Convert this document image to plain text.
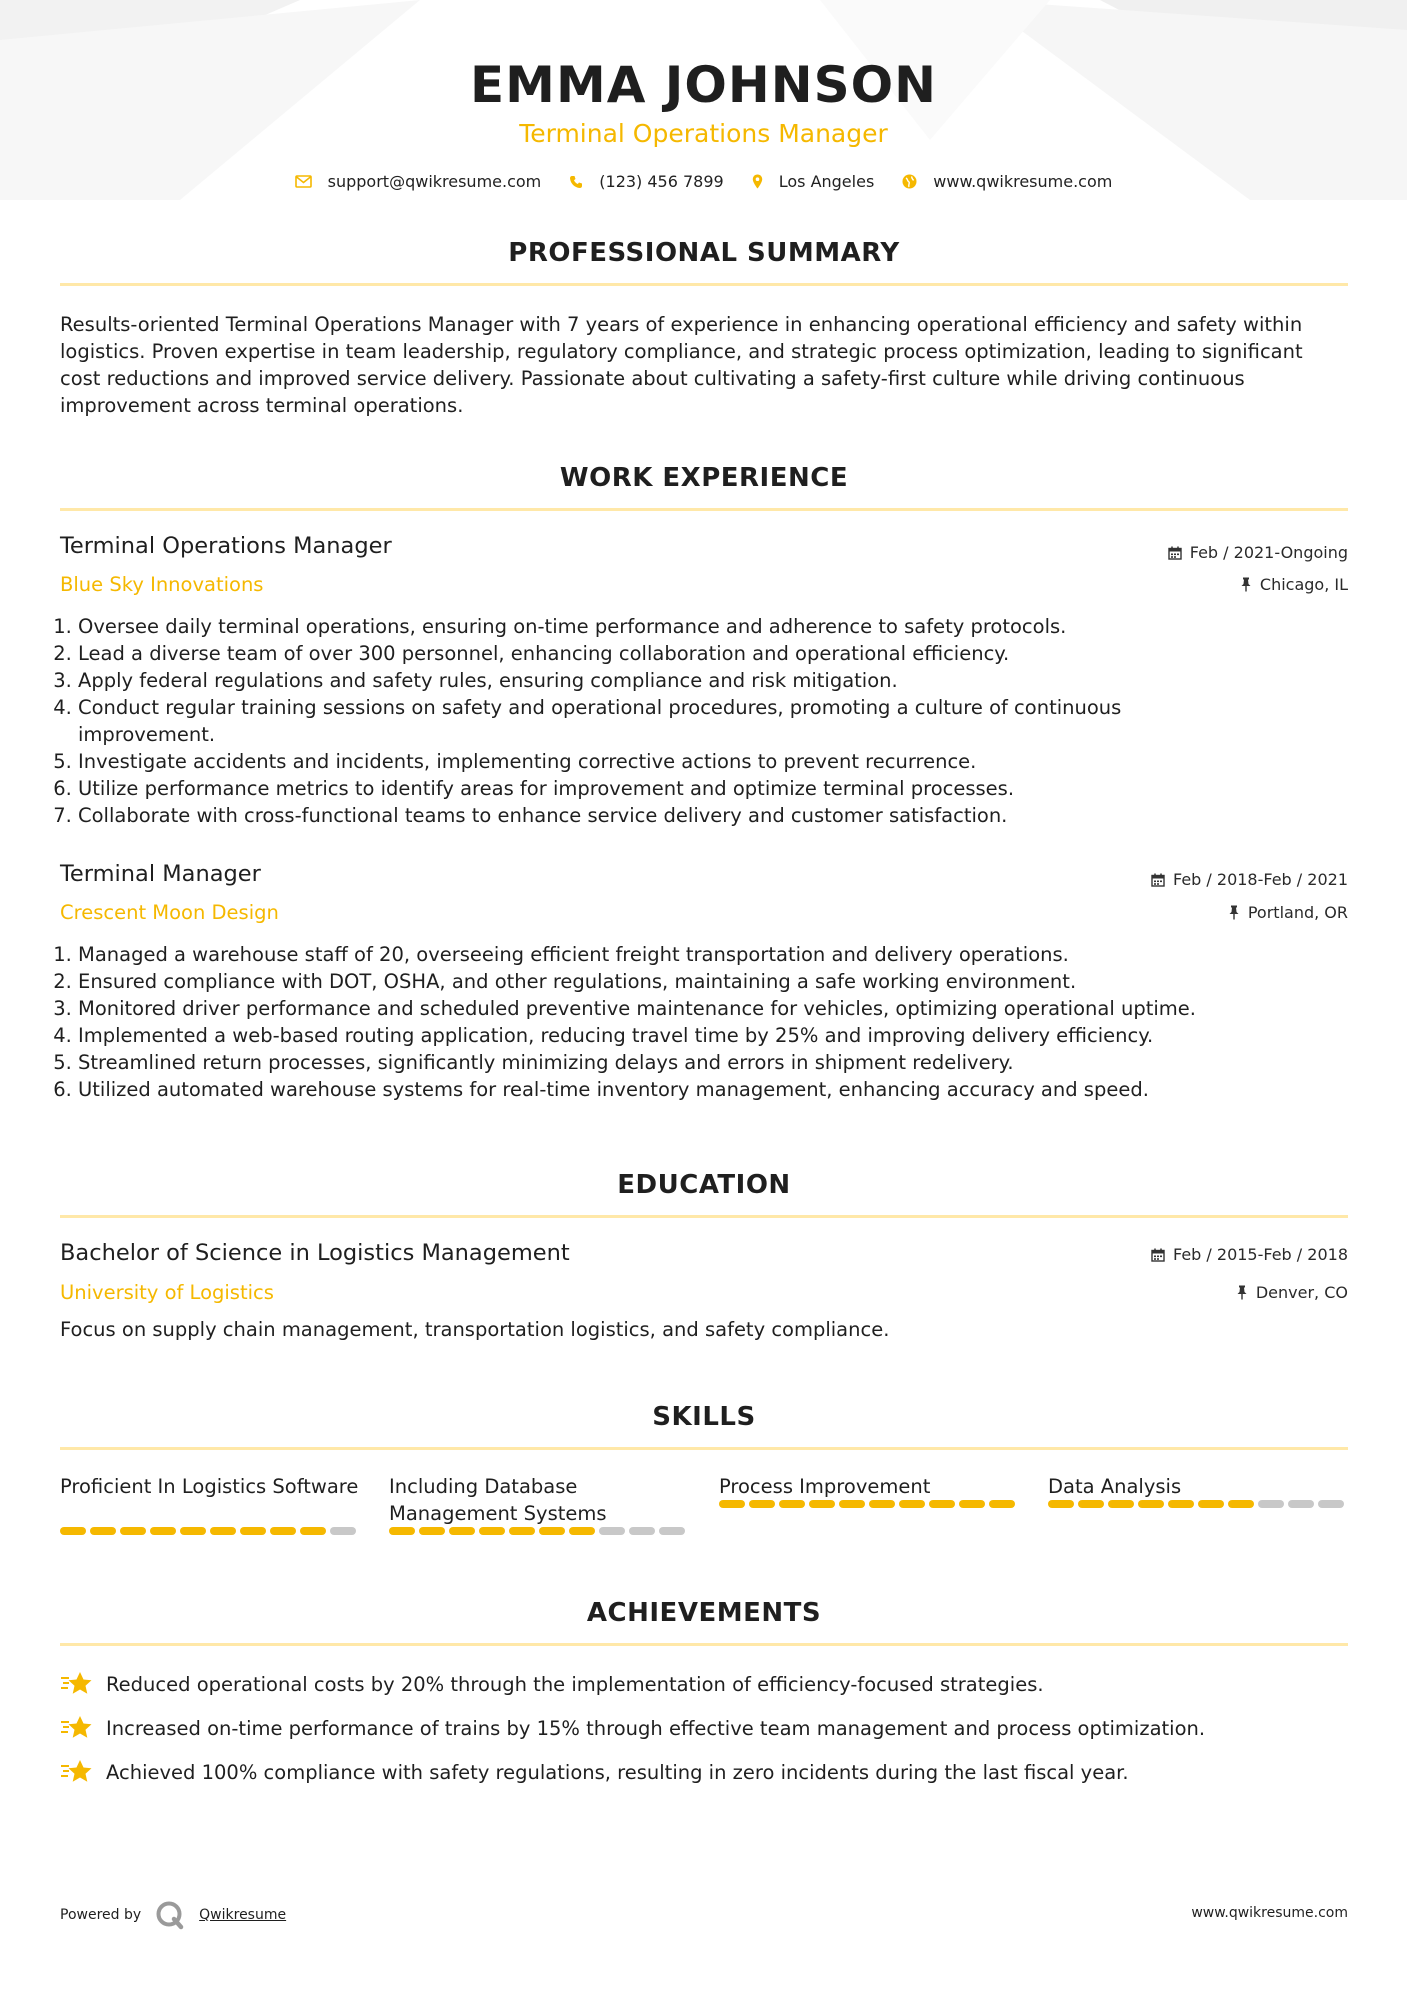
EMMA JOHNSON
Terminal Operations Manager
support@qwikresume.com	(123) 456 7899	Los Angeles	www.qwikresume.com
PROFESSIONAL SUMMARY
Results-oriented Terminal Operations Manager with 7 years of experience in enhancing operational efficiency and safety within logistics. Proven expertise in team leadership, regulatory compliance, and strategic process optimization, leading to significant cost reductions and improved service delivery. Passionate about cultivating a safety-first culture while driving continuous improvement across terminal operations.
WORK EXPERIENCE
Terminal Operations Manager	Feb / 2021-Ongoing
Blue Sky Innovations	Chicago, IL
1. Oversee daily terminal operations, ensuring on-time performance and adherence to safety protocols.
2. Lead a diverse team of over 300 personnel, enhancing collaboration and operational efficiency.
3. Apply federal regulations and safety rules, ensuring compliance and risk mitigation.
4. Conduct regular training sessions on safety and operational procedures, promoting a culture of continuous improvement.
5. Investigate accidents and incidents, implementing corrective actions to prevent recurrence.
6. Utilize performance metrics to identify areas for improvement and optimize terminal processes.
7. Collaborate with cross-functional teams to enhance service delivery and customer satisfaction.
Terminal Manager	Feb / 2018-Feb / 2021
Crescent Moon Design	Portland, OR
1. Managed a warehouse staff of 20, overseeing efficient freight transportation and delivery operations.
2. Ensured compliance with DOT, OSHA, and other regulations, maintaining a safe working environment.
3. Monitored driver performance and scheduled preventive maintenance for vehicles, optimizing operational uptime.
4. Implemented a web-based routing application, reducing travel time by 25% and improving delivery efficiency.
5. Streamlined return processes, significantly minimizing delays and errors in shipment redelivery.
6. Utilized automated warehouse systems for real-time inventory management, enhancing accuracy and speed.
EDUCATION
Bachelor of Science in Logistics Management	Feb / 2015-Feb / 2018
University of Logistics	Denver, CO
Focus on supply chain management, transportation logistics, and safety compliance.
SKILLS
Proficient In Logistics Software Including Database Management Systems
Process Improvement	Data Analysis
ACHIEVEMENTS
Reduced operational costs by 20% through the implementation of efficiency-focused strategies.
Increased on-time performance of trains by 15% through effective team management and process optimization.
Achieved 100% compliance with safety regulations, resulting in zero incidents during the last fiscal year.
Powered by	Qwikresume	www.qwikresume.com
